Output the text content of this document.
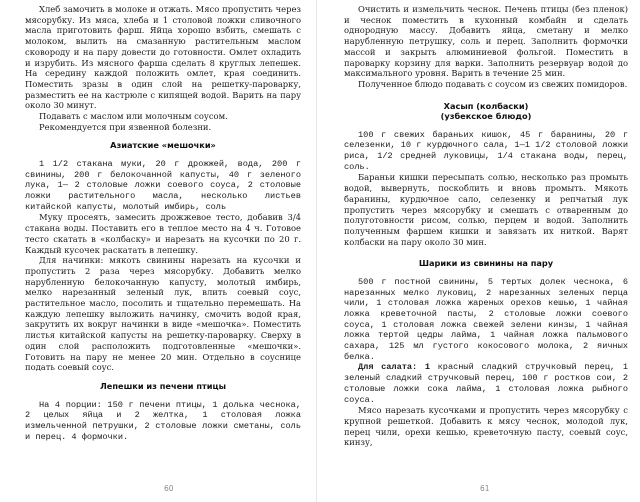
Хлеб замочить в молоке и отжать. Мясо пропустить через мясорубку. Из мяса, хлеба и 1 столовой ложки сливочного масла приготовить фарш. Яйца хорошо взбить, смешать с молоком, вылить на смазанную растительным маслом сковороду и на пару довести до готовности. Омлет охладить и изрубить. Из мясного фарша сделать 8 круглых лепешек. На середину каждой положить омлет, края соединить. Поместить зразы в один слой на решетку-пароварку, разместить ее на кастрюле с кипящей водой. Варить на пару около 30 минут.

Подавать с маслом или молочным соусом.

Рекомендуется при язвенной болезни.

Азиатские «мешочки»

1 1/2 стакана муки, 20 г дрожжей, вода, 200 г свинины, 200 г белокочанной капусты, 40 г зеленого лука, 1— 2 столовые ложки соевого соуса, 2 столовые ложки растительного масла, несколько листьев китайской капусты, молотый имбирь, соль

Муку просеять, замесить дрожжевое тесто, добавив 3/4 стакана воды. Поставить его в теплое место на 4 ч. Готовое тесто скатать в «колбаску» и нарезать на кусочки по 20 г. Каждый кусочек раскатать в лепешку.

Для начинки: мякоть свинины нарезать на кусочки и пропустить 2 раза через мясорубку. Добавить мелко нарубленную белокочанную капусту, молотый имбирь, мелко нарезанный зеленый лук, влить соевый соус, растительное масло, посолить и тщательно перемешать. На каждую лепешку выложить начинку, смочить водой края, закрутить их вокруг начинки в виде «мешочка». Поместить листья китайской капусты на решетку-пароварку. Сверху в один слой расположить подготовленные «мешочки». Готовить на пару не менее 20 мин. Отдельно в соуснице подать соевый соус.

Лепешки из печени птицы

На 4 порции: 150 г печени птицы, 1 долька чеснока, 2 целых яйца и 2 желтка, 1 столовая ложка измельченной петрушки, 2 столовые ложки сметаны, соль и перец. 4 формочки.

60

Очистить и измельчить чеснок. Печень птицы (без пленок) и чеснок поместить в кухонный комбайн и сделать однородную массу. Добавить яйца, сметану и мелко нарубленную петрушку, соль и перец. Заполнить формочки массой и закрыть алюминиевой фольгой. Поместить в пароварку корзину для варки. Заполнить резервуар водой до максимального уровня. Варить в течение 25 мин.

Полученное блюдо подавать с соусом из свежих помидоров.

Хасып (колбаски)

(узбекское блюдо)

100 г свежих бараньих кишок, 45 г баранины, 20 г селезенки, 10 г курдючного сала, 1—1 1/2 столовой ложки риса, 1/2 средней луковицы, 1/4 стакана воды, перец, соль.

Бараньи кишки пересыпать солью, несколько раз промыть водой, вывернуть, поскоблить и вновь промыть. Мякоть баранины, курдючное сало, селезенку и репчатый лук пропустить через мясорубку и смешать с отваренным до полуготовности рисом, солью, перцем и водой. Заполнить полученным фаршем кишки и завязать их ниткой. Варят колбаски на пару около 30 мин.

Шарики из свинины на пару

500 г постной свинины, 5 тертых долек чеснока, 6 нарезанных мелко луковиц, 2 нарезанных зеленых перца чили, 1 столовая ложка жареных орехов кешью, 1 чайная ложка креветочной пасты, 2 столовые ложки соевого соуса, 1 столовая ложка свежей зелени кинзы, 1 чайная ложка тертой цедры лайма, 1 чайная ложка пальмового сахара, 125 мл густого кокосового молока, 2 яичных белка.

Для салата: 1 красный сладкий стручковый перец, 1 зеленый сладкий стручковый перец, 100 г ростков сои, 2 столовые ложки сока лайма, 1 столовая ложка рыбного соуса.

Мясо нарезать кусочками и пропустить через мясорубку с крупной решеткой. Добавить к мясу чеснок, молодой лук, перец чили, орехи кешью, креветочную пасту, соевый соус, кинзу,

61
